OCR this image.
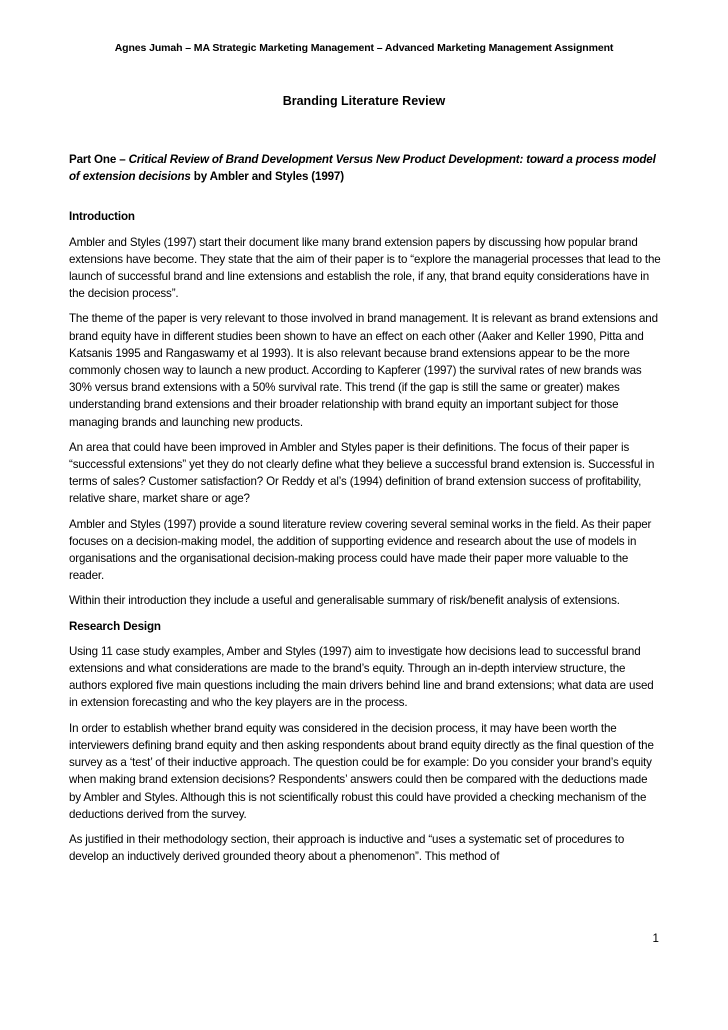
Agnes Jumah – MA Strategic Marketing Management – Advanced Marketing Management Assignment
Branding Literature Review

Part One – Critical Review of Brand Development Versus New Product Development: toward a process model of extension decisions by Ambler and Styles (1997)

Introduction

Ambler and Styles (1997) start their document like many brand extension papers by discussing how popular brand extensions have become. They state that the aim of their paper is to “explore the managerial processes that lead to the launch of successful brand and line extensions and establish the role, if any, that brand equity considerations have in the decision process”.

The theme of the paper is very relevant to those involved in brand management. It is relevant as brand extensions and brand equity have in different studies been shown to have an effect on each other (Aaker and Keller 1990, Pitta and Katsanis 1995 and Rangaswamy et al 1993). It is also relevant because brand extensions appear to be the more commonly chosen way to launch a new product. According to Kapferer (1997) the survival rates of new brands was 30% versus brand extensions with a 50% survival rate. This trend (if the gap is still the same or greater) makes understanding brand extensions and their broader relationship with brand equity an important subject for those managing brands and launching new products.

An area that could have been improved in Ambler and Styles paper is their definitions. The focus of their paper is “successful extensions” yet they do not clearly define what they believe a successful brand extension is. Successful in terms of sales? Customer satisfaction? Or Reddy et al’s (1994) definition of brand extension success of profitability, relative share, market share or age?

Ambler and Styles (1997) provide a sound literature review covering several seminal works in the field. As their paper focuses on a decision-making model, the addition of supporting evidence and research about the use of models in organisations and the organisational decision-making process could have made their paper more valuable to the reader.

Within their introduction they include a useful and generalisable summary of risk/benefit analysis of extensions.

Research Design

Using 11 case study examples, Amber and Styles (1997) aim to investigate how decisions lead to successful brand extensions and what considerations are made to the brand’s equity. Through an in-depth interview structure, the authors explored five main questions including the main drivers behind line and brand extensions; what data are used in extension forecasting and who the key players are in the process.

In order to establish whether brand equity was considered in the decision process, it may have been worth the interviewers defining brand equity and then asking respondents about brand equity directly as the final question of the survey as a ‘test’ of their inductive approach. The question could be for example: Do you consider your brand’s equity when making brand extension decisions? Respondents’ answers could then be compared with the deductions made by Ambler and Styles. Although this is not scientifically robust this could have provided a checking mechanism of the deductions derived from the survey.

As justified in their methodology section, their approach is inductive and “uses a systematic set of procedures to develop an inductively derived grounded theory about a phenomenon”. This method of

1
